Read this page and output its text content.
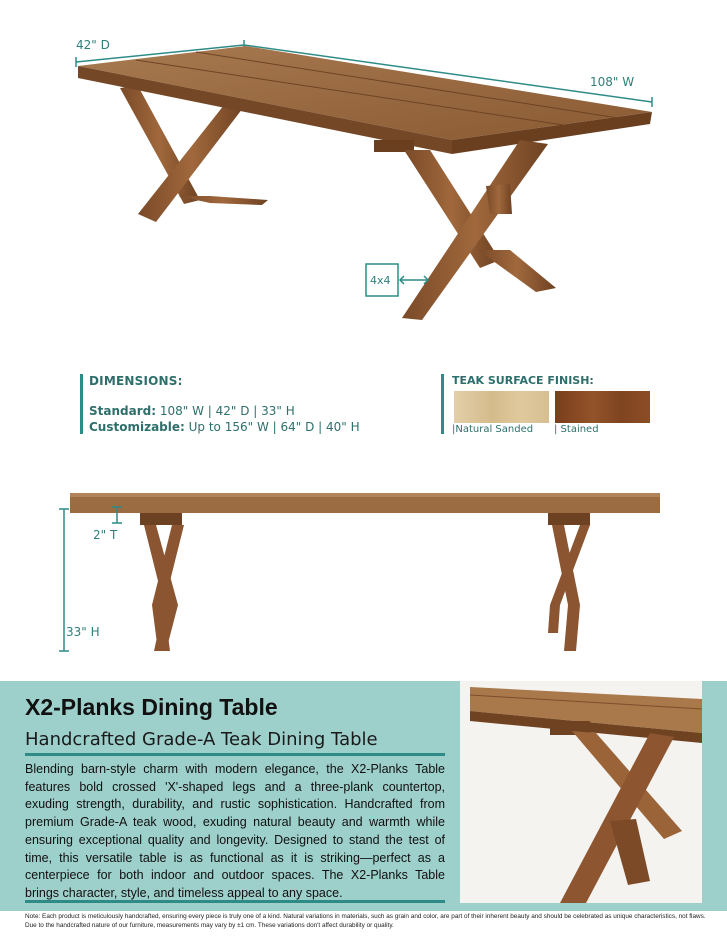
42" D
108" W
4x4
DIMENSIONS:
Standard: 108" W | 42" D | 33" H
Customizable: Up to 156" W | 64" D | 40" H
TEAK SURFACE FINISH:
|Natural Sanded | Stained
2" T
33" H
X2-Planks Dining Table
Handcrafted Grade-A Teak Dining Table
Blending barn-style charm with modern elegance, the X2-Planks Table features bold crossed 'X'-shaped legs and a three-plank countertop, exuding strength, durability, and rustic sophistication. Handcrafted from premium Grade-A teak wood, exuding natural beauty and warmth while ensuring exceptional quality and longevity. Designed to stand the test of time, this versatile table is as functional as it is striking—perfect as a centerpiece for both indoor and outdoor spaces. The X2-Planks Table brings character, style, and timeless appeal to any space.
Note: Each product is meticulously handcrafted, ensuring every piece is truly one of a kind. Natural variations in materials, such as grain and color, are part of their inherent beauty and should be celebrated as unique characteristics, not flaws. Due to the handcrafted nature of our furniture, measurements may vary by ±1 cm. These variations don't affect durability or quality.
